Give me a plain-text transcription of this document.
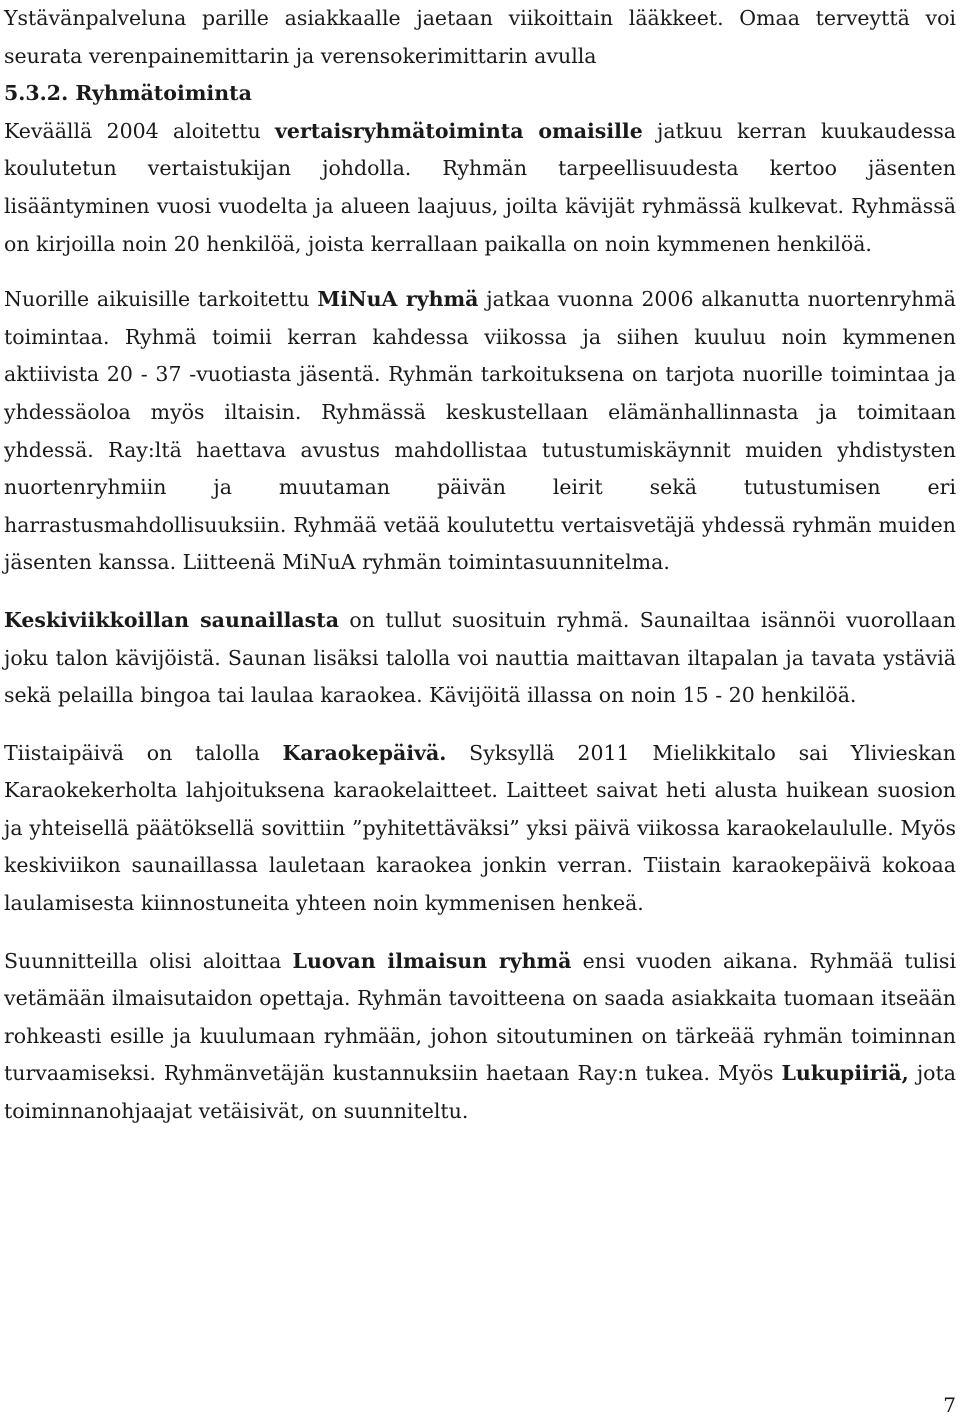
Ystävänpalveluna parille asiakkaalle jaetaan viikoittain lääkkeet. Omaa terveyttä voi seurata verenpainemittarin ja verensokerimittarin avulla

5.3.2. Ryhmätoiminta

Keväällä 2004 aloitettu vertaisryhmätoiminta omaisille jatkuu kerran kuukaudessa koulutetun vertaistukijan johdolla. Ryhmän tarpeellisuudesta kertoo jäsenten lisääntyminen vuosi vuodelta ja alueen laajuus, joilta kävijät ryhmässä kulkevat. Ryhmässä on kirjoilla noin 20 henkilöä, joista kerrallaan paikalla on noin kymmenen henkilöä.

Nuorille aikuisille tarkoitettu MiNuA ryhmä jatkaa vuonna 2006 alkanutta nuortenryhmä toimintaa. Ryhmä toimii kerran kahdessa viikossa ja siihen kuuluu noin kymmenen aktiivista 20 - 37 -vuotiasta jäsentä. Ryhmän tarkoituksena on tarjota nuorille toimintaa ja yhdessäoloa myös iltaisin. Ryhmässä keskustellaan elämänhallinnasta ja toimitaan yhdessä. Ray:ltä haettava avustus mahdollistaa tutustumiskäynnit muiden yhdistysten nuortenryhmiin ja muutaman päivän leirit sekä tutustumisen eri harrastusmahdollisuuksiin. Ryhmää vetää koulutettu vertaisvetäjä yhdessä ryhmän muiden jäsenten kanssa. Liitteenä MiNuA ryhmän toimintasuunnitelma.

Keskiviikkoillan saunaillasta on tullut suosituin ryhmä. Saunailtaa isännöi vuorollaan joku talon kävijöistä. Saunan lisäksi talolla voi nauttia maittavan iltapalan ja tavata ystäviä sekä pelailla bingoa tai laulaa karaokea. Kävijöitä illassa on noin 15 - 20 henkilöä.

Tiistaipäivä on talolla Karaokepäivä. Syksyllä 2011 Mielikkitalo sai Ylivieskan Karaokekerholta lahjoituksena karaokelaitteet. Laitteet saivat heti alusta huikean suosion ja yhteisellä päätöksellä sovittiin ”pyhitettäväksi” yksi päivä viikossa karaokelaululle. Myös keskiviikon saunaillassa lauletaan karaokea jonkin verran. Tiistain karaokepäivä kokoaa laulamisesta kiinnostuneita yhteen noin kymmenisen henkeä.

Suunnitteilla olisi aloittaa Luovan ilmaisun ryhmä ensi vuoden aikana. Ryhmää tulisi vetämään ilmaisutaidon opettaja. Ryhmän tavoitteena on saada asiakkaita tuomaan itseään rohkeasti esille ja kuulumaan ryhmään, johon sitoutuminen on tärkeää ryhmän toiminnan turvaamiseksi. Ryhmänvetäjän kustannuksiin haetaan Ray:n tukea. Myös Lukupiiriä, jota toiminnanohjaajat vetäisivät, on suunniteltu.

7
